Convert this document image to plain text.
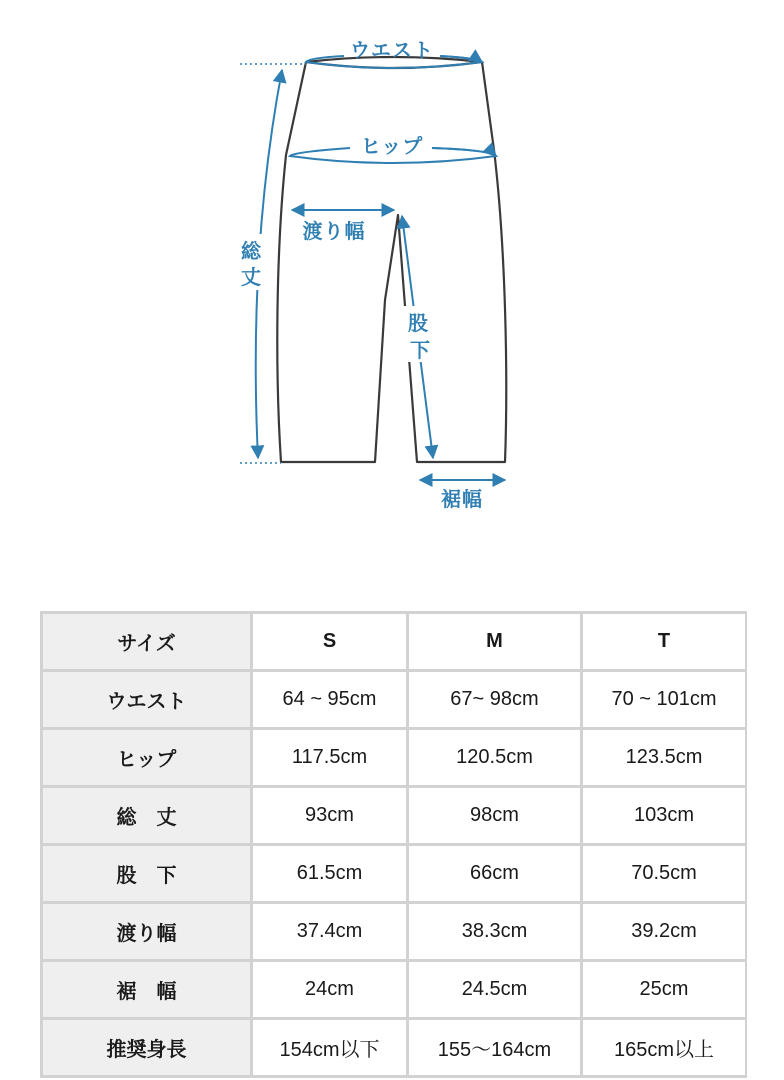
ウエスト
ヒップ
渡り幅
総
丈
股
下
裾幅
サイズ	S	M	T
ウエスト	64 ~ 95cm	67~ 98cm	70 ~ 101cm
ヒップ	117.5cm	120.5cm	123.5cm
総　丈	93cm	98cm	103cm
股　下	61.5cm	66cm	70.5cm
渡り幅	37.4cm	38.3cm	39.2cm
裾　幅	24cm	24.5cm	25cm
推奨身長	154cm以下	155〜164cm	165cm以上
